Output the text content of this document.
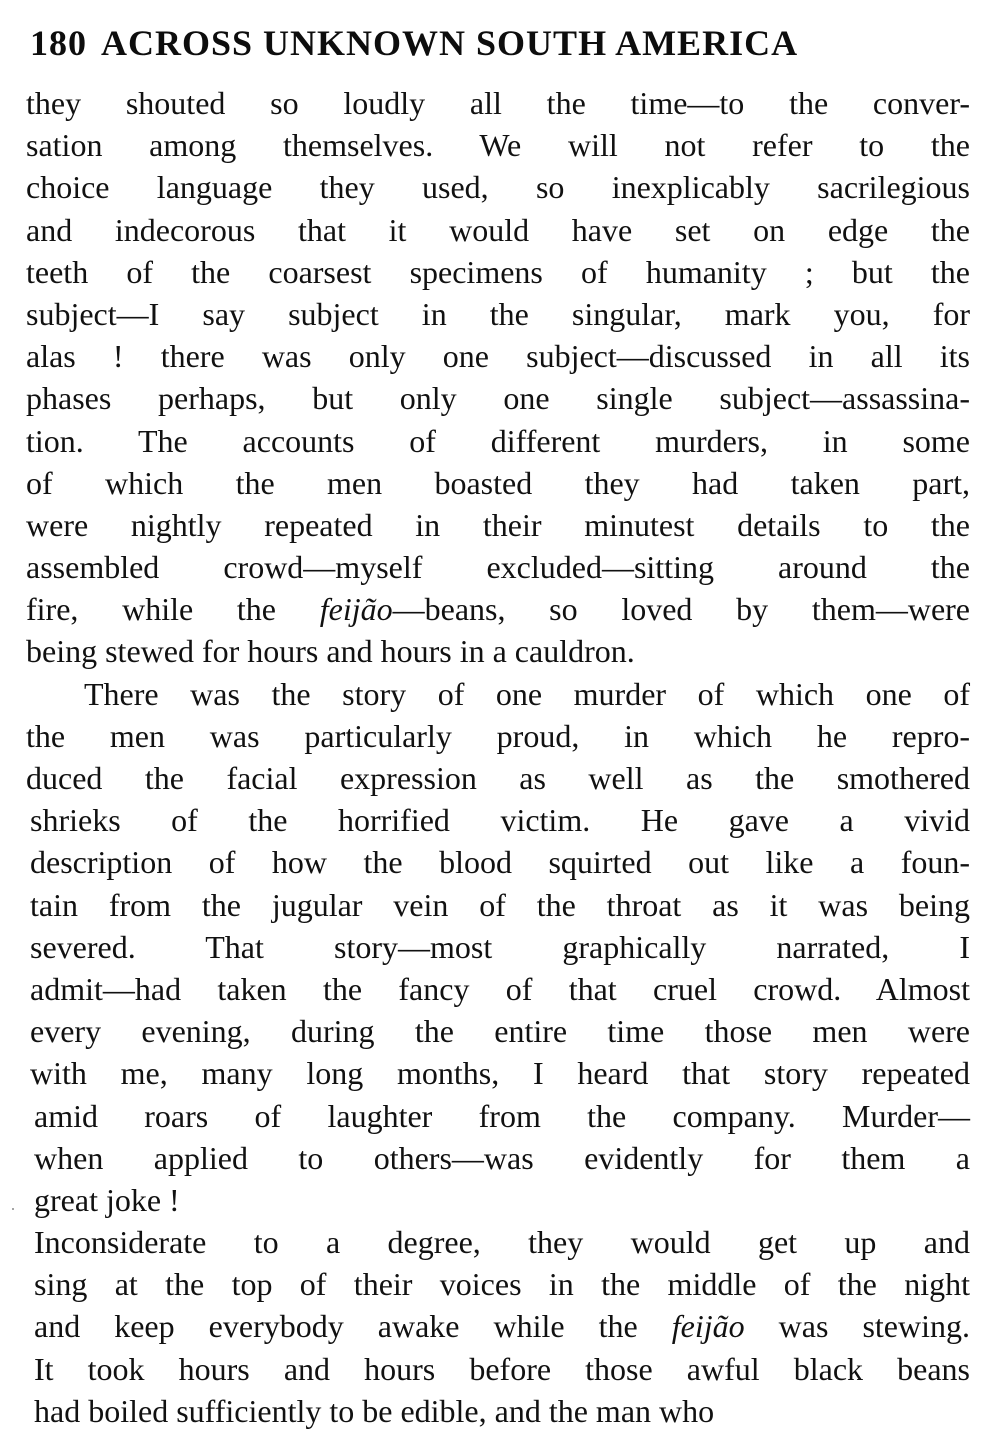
180 ACROSS UNKNOWN SOUTH AMERICA
they shouted so loudly all the time—to the conver-
sation among themselves. We will not refer to the
choice language they used, so inexplicably sacrilegious
and indecorous that it would have set on edge the
teeth of the coarsest specimens of humanity ; but the
subject—I say subject in the singular, mark you, for
alas ! there was only one subject—discussed in all its
phases perhaps, but only one single subject—assassina-
tion. The accounts of different murders, in some
of which the men boasted they had taken part,
were nightly repeated in their minutest details to the
assembled crowd—myself excluded—sitting around the
fire, while the feijão—beans, so loved by them—were
being stewed for hours and hours in a cauldron.
There was the story of one murder of which one of
the men was particularly proud, in which he repro-
duced the facial expression as well as the smothered
shrieks of the horrified victim. He gave a vivid
description of how the blood squirted out like a foun-
tain from the jugular vein of the throat as it was being
severed. That story—most graphically narrated, I
admit—had taken the fancy of that cruel crowd. Almost
every evening, during the entire time those men were
with me, many long months, I heard that story repeated
amid roars of laughter from the company. Murder—
when applied to others—was evidently for them a
great joke !
Inconsiderate to a degree, they would get up and
sing at the top of their voices in the middle of the night
and keep everybody awake while the feijão was stewing.
It took hours and hours before those awful black beans
had boiled sufficiently to be edible, and the man who
